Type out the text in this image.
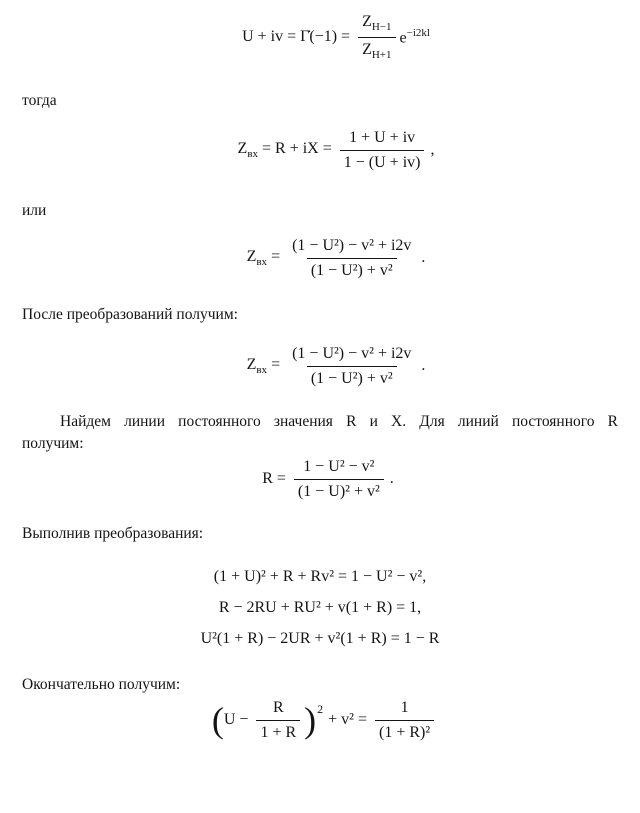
U + iv = Γ̇(−1) = $\frac{Z_{H-1}}{Z_{H+1}} e^{-i2kl}$
тогда
$Z_{вх} = R$ + iX = $\frac{1 + U + iv}{1 - (U + iv)}$ ,
или
$Z_{вх} = \frac{\text{(1 − U²) − v² + i2v}}{\text{(1 − U²) + v²}}$ .
После преобразований получим:
$Z_{вх} = \frac{\text{(1 − U²) − v² + i2v}}{\text{(1 − U²) + v²}}$ .
Найдем линии постоянного значения R и X. Для линий постоянного R
получим:
$R = \frac{\text{1 − U² − v²}}{\text{(1 − U)² + v²}}$ .
Выполнив преобразования:
(1 + U)² + R + Rv² = 1 − U² − v²,
R − 2RU + RU² + v(1 + R) = 1,
U²(1 + R) − 2UR + v²(1 + R) = 1 − R
Окончательно получим:
( $U - \frac{R}{1 + R} )^2$
+ $v^2 = \frac{1}{\text{(1 + R)²}}$
